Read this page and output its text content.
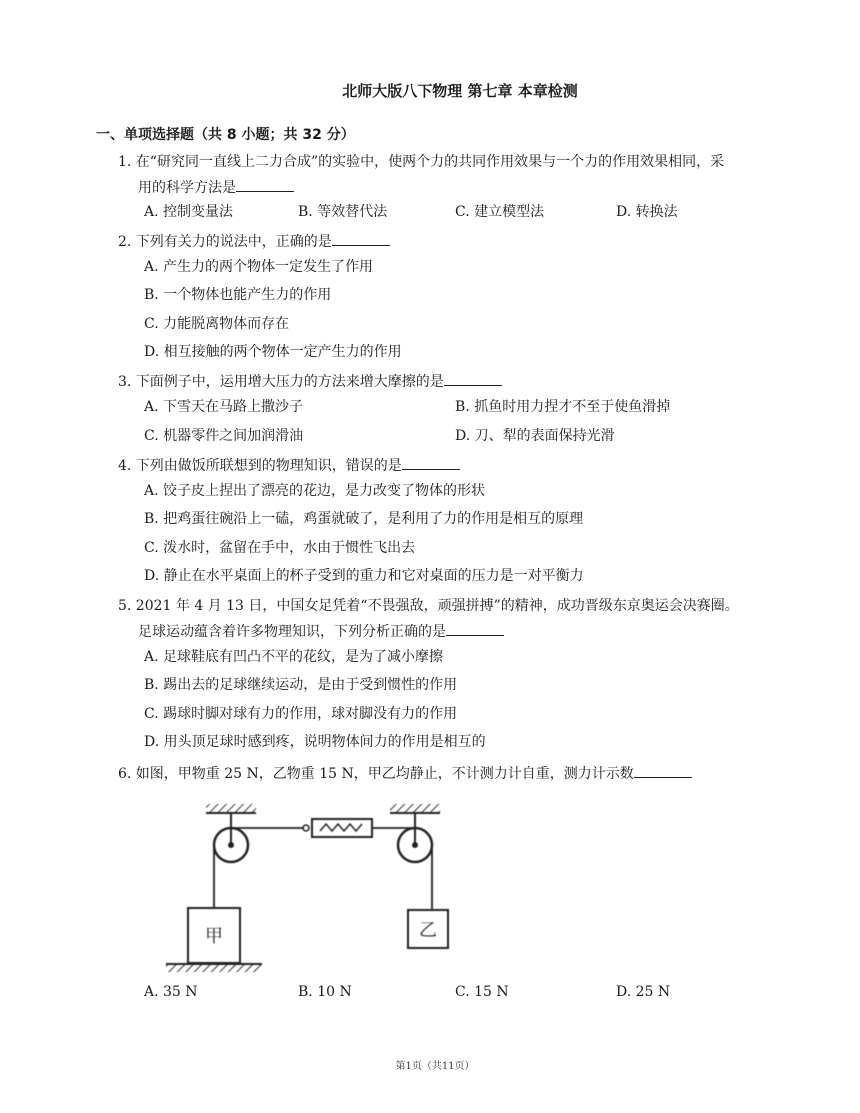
北师大版八下物理 第七章 本章检测
一、单项选择题（共 8 小题；共 32 分）
1. 在“研究同一直线上二力合成”的实验中，使两个力的共同作用效果与一个力的作用效果相同，采
用的科学方法是
A. 控制变量法	B. 等效替代法	C. 建立模型法	D. 转换法
2. 下列有关力的说法中，正确的是
A. 产生力的两个物体一定发生了作用
B. 一个物体也能产生力的作用
C. 力能脱离物体而存在
D. 相互接触的两个物体一定产生力的作用
3. 下面例子中，运用增大压力的方法来增大摩擦的是
A. 下雪天在马路上撒沙子	B. 抓鱼时用力捏才不至于使鱼滑掉
C. 机器零件之间加润滑油	D. 刀、犁的表面保持光滑
4. 下列由做饭所联想到的物理知识，错误的是
A. 饺子皮上捏出了漂亮的花边，是力改变了物体的形状
B. 把鸡蛋往碗沿上一磕，鸡蛋就破了，是利用了力的作用是相互的原理
C. 泼水时，盆留在手中，水由于惯性飞出去
D. 静止在水平桌面上的杯子受到的重力和它对桌面的压力是一对平衡力
5. 2021 年 4 月 13 日，中国女足凭着“不畏强敌，顽强拼搏”的精神，成功晋级东京奥运会决赛圈。
足球运动蕴含着许多物理知识，下列分析正确的是
A. 足球鞋底有凹凸不平的花纹，是为了减小摩擦
B. 踢出去的足球继续运动，是由于受到惯性的作用
C. 踢球时脚对球有力的作用，球对脚没有力的作用
D. 用头顶足球时感到疼，说明物体间力的作用是相互的
6. 如图，甲物重 25 N，乙物重 15 N，甲乙均静止，不计测力计自重，测力计示数
甲	乙
A. 35 N	B. 10 N	C. 15 N	D. 25 N
第1页（共11页）
